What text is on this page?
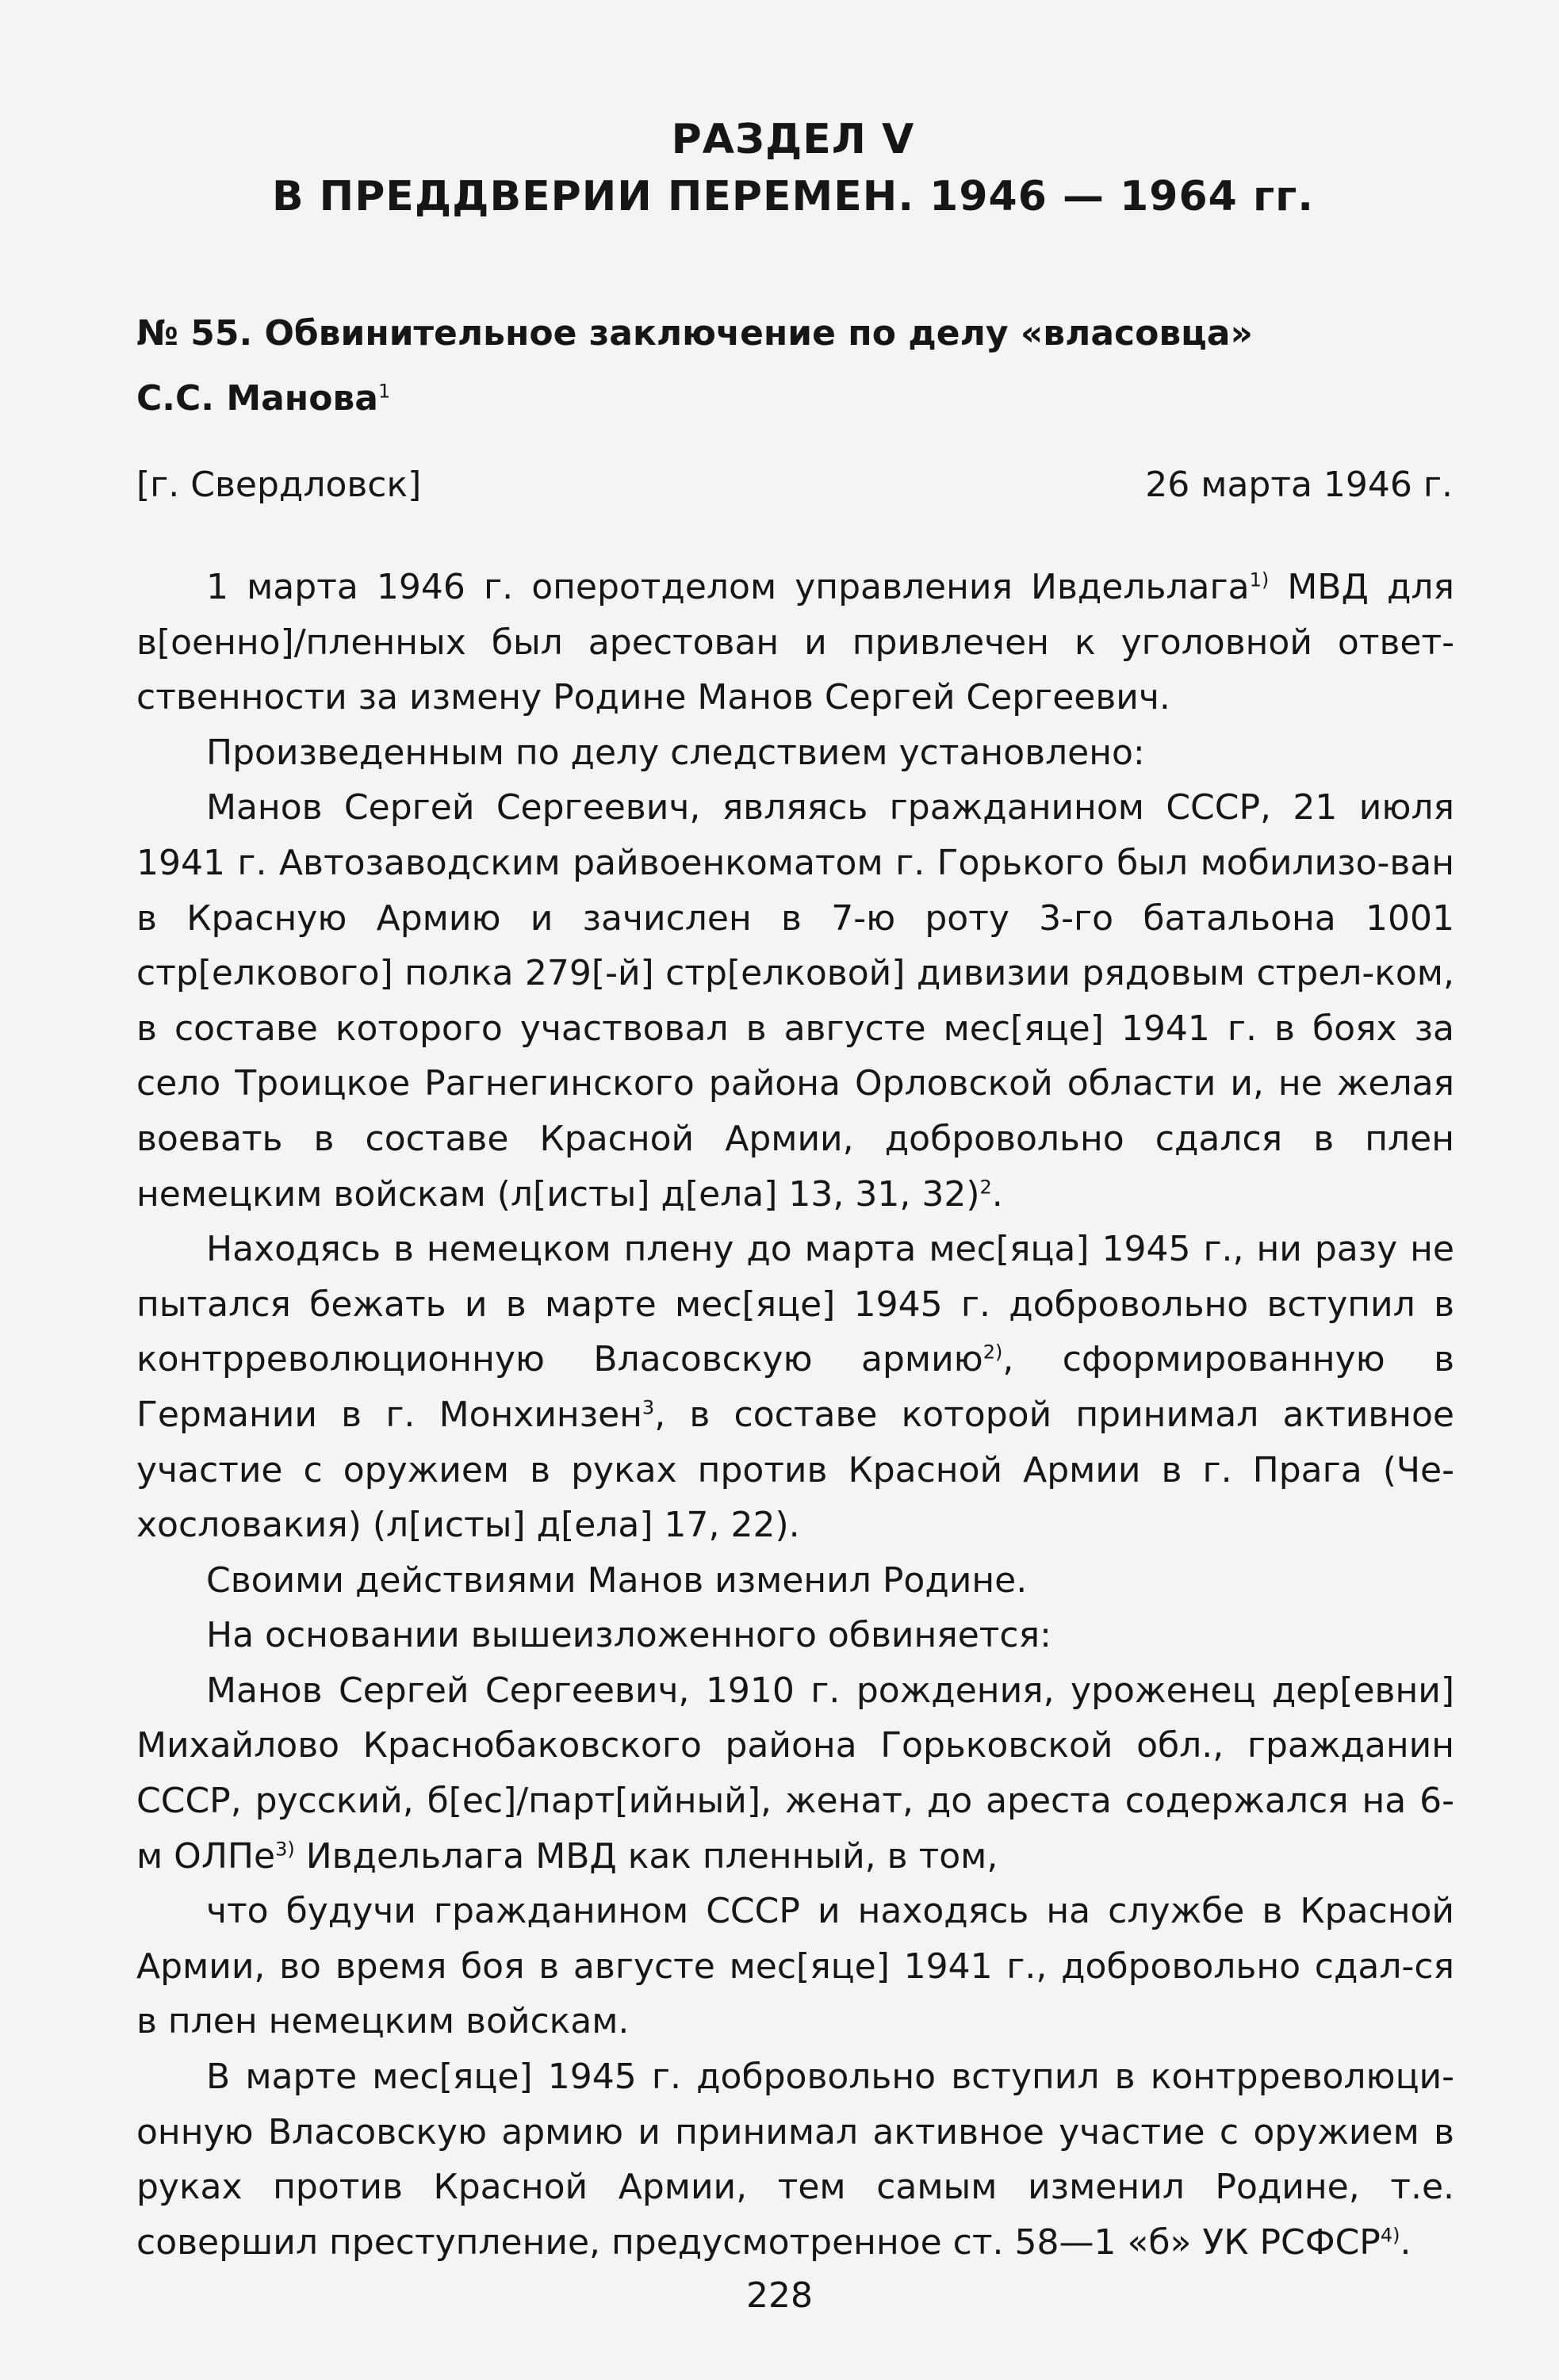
РАЗДЕЛ V
В ПРЕДДВЕРИИ ПЕРЕМЕН. 1946 — 1964 гг.
№ 55. Обвинительное заключение по делу «власовца»
С.С. Манова$^1$
[г. Свердловск]	26 марта 1946 г.

1 марта 1946 г. оперотделом управления Ивдельлага$^{1)}$ МВД для в[оенно]/пленных был арестован и привлечен к уголовной ответ-ственности за измену Родине Манов Сергей Сергеевич.

Произведенным по делу следствием установлено:

Манов Сергей Сергеевич, являясь гражданином СССР, 21 июля 1941 г. Автозаводским райвоенкоматом г. Горького был мобилизо-ван в Красную Армию и зачислен в 7-ю роту 3-го батальона 1001 стр[елкового] полка 279[-й] стр[елковой] дивизии рядовым стрел-ком, в составе которого участвовал в августе мес[яце] 1941 г. в боях за село Троицкое Рагнегинского района Орловской области и, не желая воевать в составе Красной Армии, добровольно сдался в плен немецким войскам (л[исты] д[ела] 13, 31, 32)$^2$.

Находясь в немецком плену до марта мес[яца] 1945 г., ни разу не пытался бежать и в марте мес[яце] 1945 г. добровольно вступил в контрреволюционную Власовскую армию$^{2)}$, сформированную в Германии в г. Монхинзен$^3$, в составе которой принимал активное участие с оружием в руках против Красной Армии в г. Прага (Че-хословакия) (л[исты] д[ела] 17, 22).

Своими действиями Манов изменил Родине.

На основании вышеизложенного обвиняется:

Манов Сергей Сергеевич, 1910 г. рождения, уроженец дер[евни] Михайлово Краснобаковского района Горьковской обл., гражданин СССР, русский, б[ес]/парт[ийный], женат, до ареста содержался на 6-м ОЛПе$^{3)}$ Ивдельлага МВД как пленный, в том,

что будучи гражданином СССР и находясь на службе в Красной Армии, во время боя в августе мес[яце] 1941 г., добровольно сдал-ся в плен немецким войскам.

В марте мес[яце] 1945 г. добровольно вступил в контрреволюци-онную Власовскую армию и принимал активное участие с оружием в руках против Красной Армии, тем самым изменил Родине, т.е. совершил преступление, предусмотренное ст. 58—1 «б» УК РСФСР$^{4)}$.

228
